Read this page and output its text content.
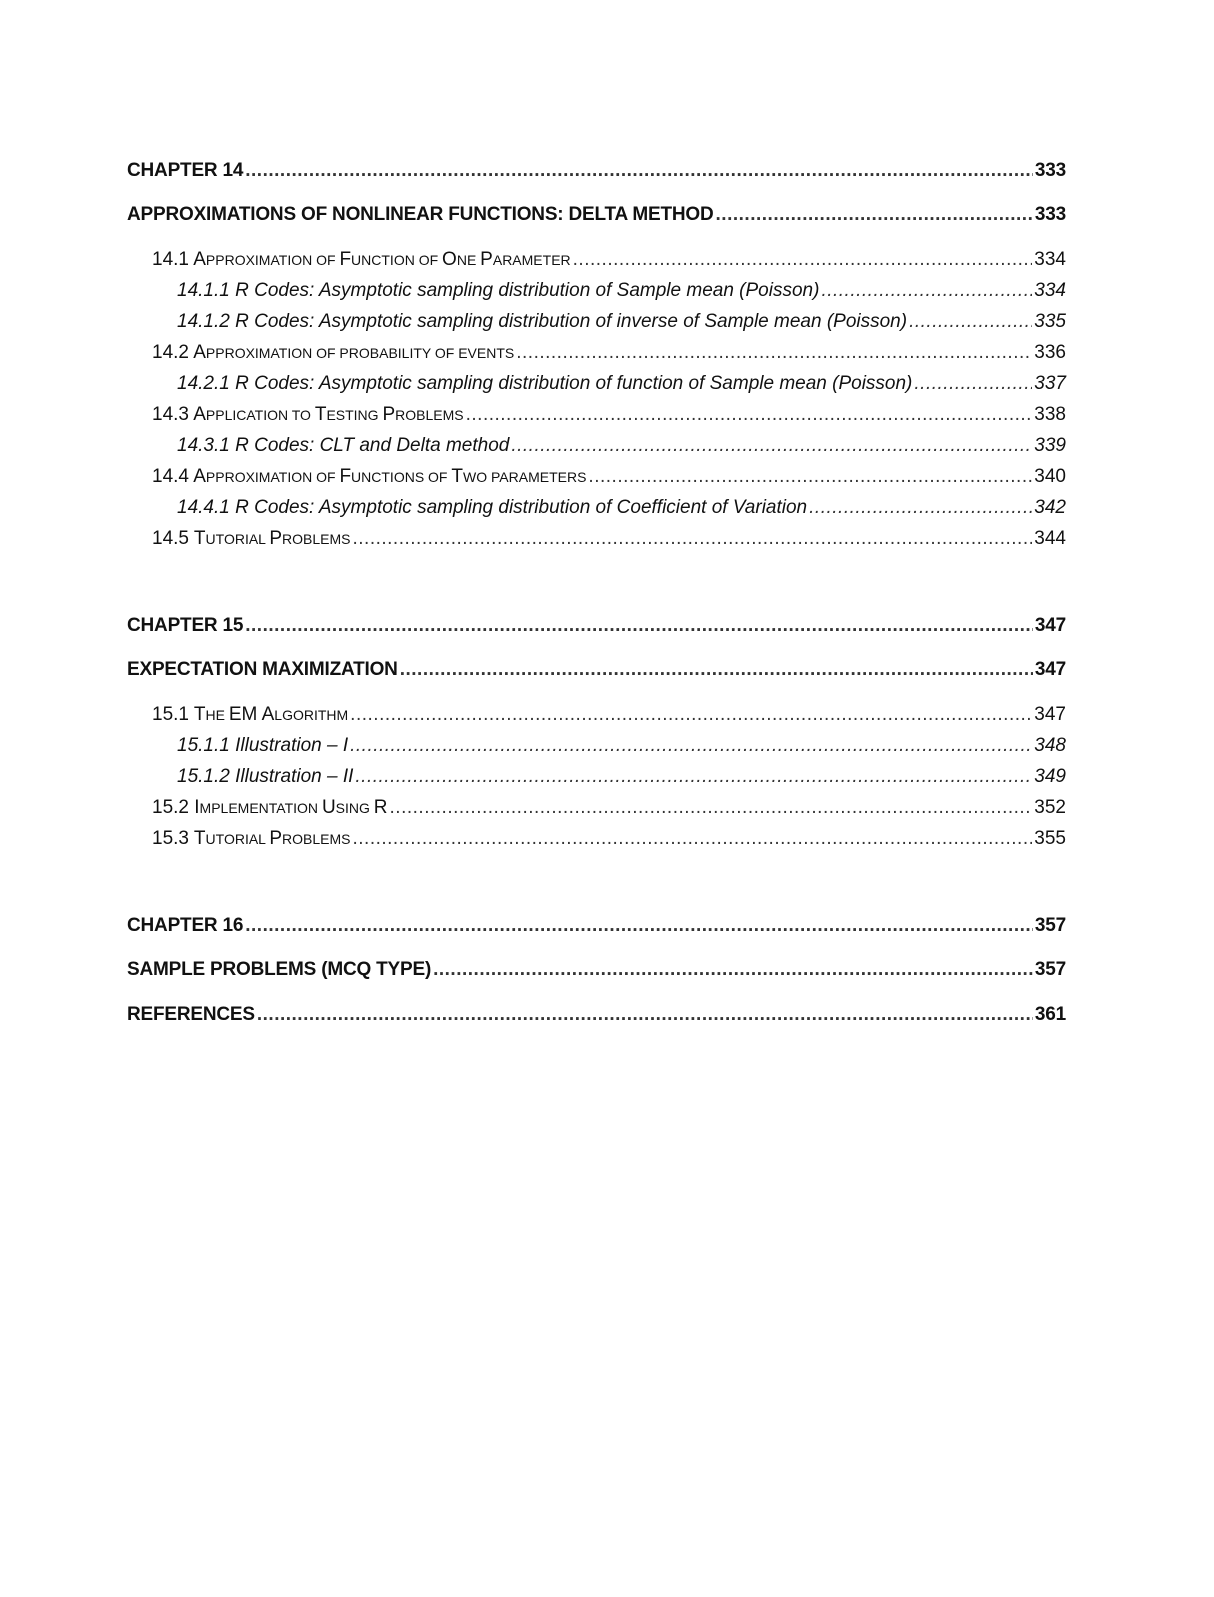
CHAPTER 14 .....	333
APPROXIMATIONS OF NONLINEAR FUNCTIONS: DELTA METHOD .....	333
14.1 APPROXIMATION OF FUNCTION OF ONE PARAMETER .....	334
14.1.1 R Codes: Asymptotic sampling distribution of Sample mean (Poisson) .....	334
14.1.2 R Codes: Asymptotic sampling distribution of inverse of Sample mean (Poisson) .....	335
14.2 APPROXIMATION OF PROBABILITY OF EVENTS .....	336
14.2.1 R Codes: Asymptotic sampling distribution of function of Sample mean (Poisson) .....	337
14.3 APPLICATION TO TESTING PROBLEMS .....	338
14.3.1 R Codes: CLT and Delta method .....	339
14.4 APPROXIMATION OF FUNCTIONS OF TWO PARAMETERS .....	340
14.4.1 R Codes: Asymptotic sampling distribution of Coefficient of Variation .....	342
14.5 TUTORIAL PROBLEMS .....	344
CHAPTER 15 .....	347
EXPECTATION MAXIMIZATION .....	347
15.1 THE EM ALGORITHM .....	347
15.1.1 Illustration – I .....	348
15.1.2 Illustration – II .....	349
15.2 IMPLEMENTATION USING R .....	352
15.3 TUTORIAL PROBLEMS .....	355
CHAPTER 16 .....	357
SAMPLE PROBLEMS (MCQ TYPE) .....	357
REFERENCES .....	361
